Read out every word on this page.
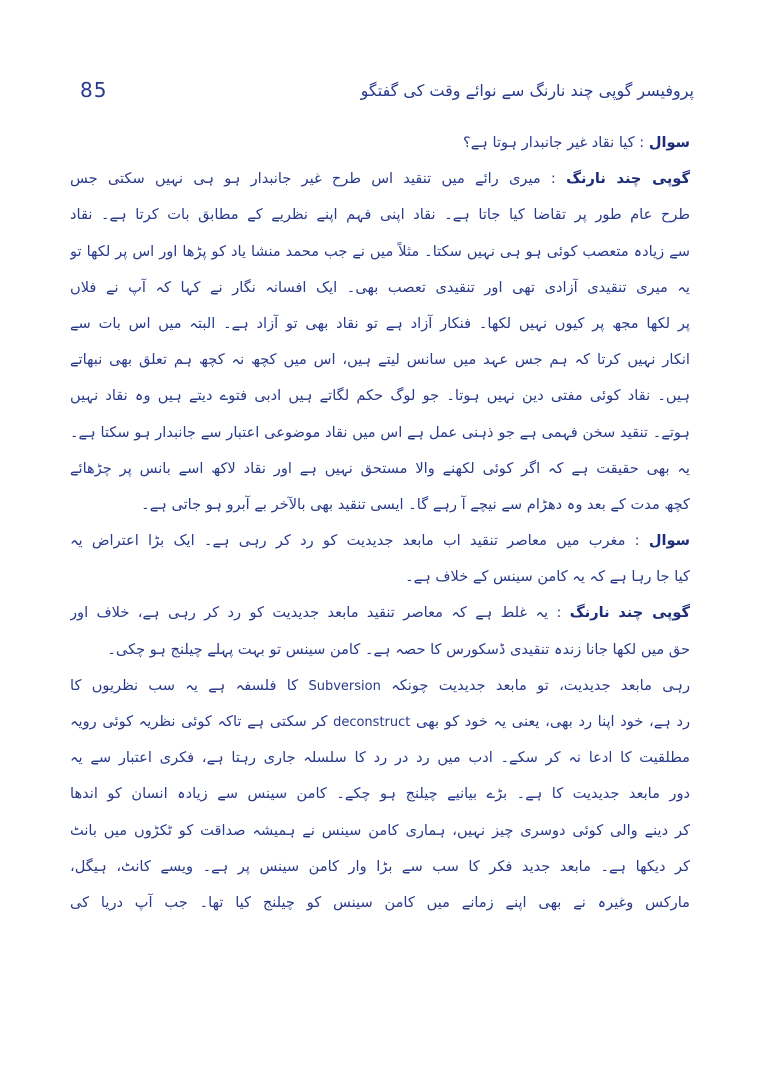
85	پروفیسر گوپی چند نارنگ سے نوائے وقت کی گفتگو
سوال : کیا نقاد غیر جانبدار ہوتا ہے؟
گوپی چند نارنگ : میری رائے میں تنقید اس طرح غیر جانبدار ہو ہی نہیں سکتی جس
طرح عام طور پر تقاضا کیا جاتا ہے۔ نقاد اپنی فہم اپنے نظریے کے مطابق بات کرتا ہے۔ نقاد
سے زیادہ متعصب کوئی ہو ہی نہیں سکتا۔ مثلاً میں نے جب محمد منشا یاد کو پڑھا اور اس پر لکھا تو
یہ میری تنقیدی آزادی تھی اور تنقیدی تعصب بھی۔ ایک افسانہ نگار نے کہا کہ آپ نے فلاں
پر لکھا مجھ پر کیوں نہیں لکھا۔ فنکار آزاد ہے تو نقاد بھی تو آزاد ہے۔ البتہ میں اس بات سے
انکار نہیں کرتا کہ ہم جس عہد میں سانس لیتے ہیں، اس میں کچھ نہ کچھ ہم تعلق بھی نبھاتے
ہیں۔ نقاد کوئی مفتی دین نہیں ہوتا۔ جو لوگ حکم لگاتے ہیں ادبی فتوے دیتے ہیں وہ نقاد نہیں
ہوتے۔ تنقید سخن فہمی ہے جو ذہنی عمل ہے اس میں نقاد موضوعی اعتبار سے جانبدار ہو سکتا ہے۔
یہ بھی حقیقت ہے کہ اگر کوئی لکھنے والا مستحق نہیں ہے اور نقاد لاکھ اسے بانس پر چڑھائے
کچھ مدت کے بعد وہ دھڑام سے نیچے آ رہے گا۔ ایسی تنقید بھی بالآخر بے آبرو ہو جاتی ہے۔
سوال : مغرب میں معاصر تنقید اب مابعد جدیدیت کو رد کر رہی ہے۔ ایک بڑا اعتراض یہ
کیا جا رہا ہے کہ یہ کامن سینس کے خلاف ہے۔
گوپی چند نارنگ : یہ غلط ہے کہ معاصر تنقید مابعد جدیدیت کو رد کر رہی ہے، خلاف اور
حق میں لکھا جانا زندہ تنقیدی ڈسکورس کا حصہ ہے۔ کامن سینس تو بہت پہلے چیلنج ہو چکی۔
رہی مابعد جدیدیت، تو مابعد جدیدیت چونکہ Subversion کا فلسفہ ہے یہ سب نظریوں کا
رد ہے، خود اپنا رد بھی، یعنی یہ خود کو بھی deconstruct کر سکتی ہے تاکہ کوئی نظریہ کوئی رویہ
مطلقیت کا ادعا نہ کر سکے۔ ادب میں رد در رد کا سلسلہ جاری رہتا ہے، فکری اعتبار سے یہ
دور مابعد جدیدیت کا ہے۔ بڑے بیانیے چیلنج ہو چکے۔ کامن سینس سے زیادہ انسان کو اندھا
کر دینے والی کوئی دوسری چیز نہیں، ہماری کامن سینس نے ہمیشہ صداقت کو ٹکڑوں میں بانٹ
کر دیکھا ہے۔ مابعد جدید فکر کا سب سے بڑا وار کامن سینس پر ہے۔ ویسے کانٹ، ہیگل،
مارکس وغیرہ نے بھی اپنے زمانے میں کامن سینس کو چیلنج کیا تھا۔ جب آپ دریا کی
